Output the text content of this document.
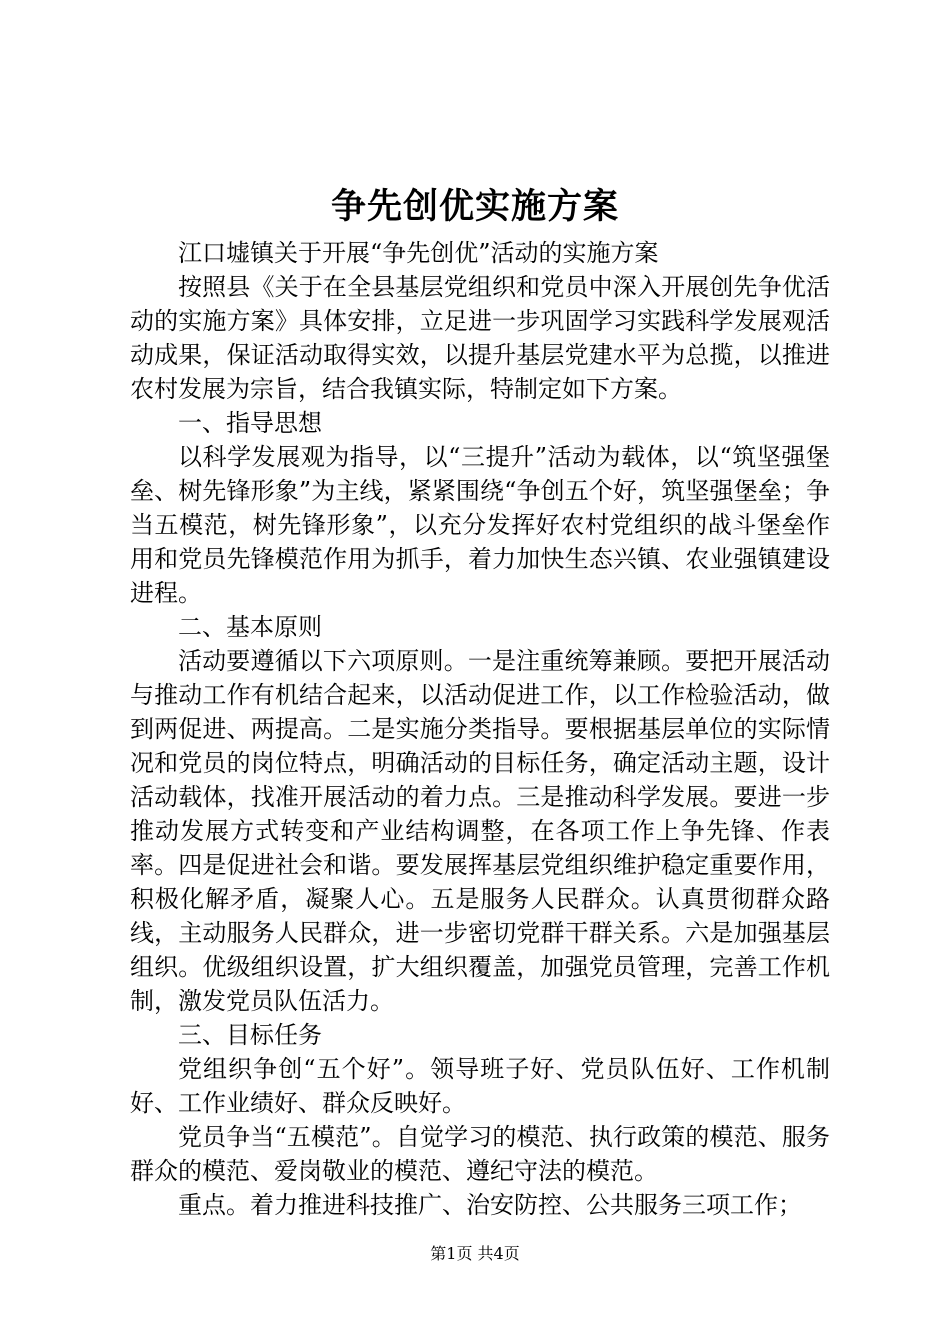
争先创优实施方案

江口墟镇关于开展“争先创优”活动的实施方案

按照县《关于在全县基层党组织和党员中深入开展创先争优活动的实施方案》具体安排，立足进一步巩固学习实践科学发展观活动成果，保证活动取得实效，以提升基层党建水平为总揽，以推进农村发展为宗旨，结合我镇实际，特制定如下方案。

一、指导思想

以科学发展观为指导，以“三提升”活动为载体，以“筑坚强堡垒、树先锋形象”为主线，紧紧围绕“争创五个好，筑坚强堡垒；争当五模范，树先锋形象”，以充分发挥好农村党组织的战斗堡垒作用和党员先锋模范作用为抓手，着力加快生态兴镇、农业强镇建设进程。

二、基本原则

活动要遵循以下六项原则。一是注重统筹兼顾。要把开展活动与推动工作有机结合起来，以活动促进工作，以工作检验活动，做到两促进、两提高。二是实施分类指导。要根据基层单位的实际情况和党员的岗位特点，明确活动的目标任务，确定活动主题，设计活动载体，找准开展活动的着力点。三是推动科学发展。要进一步推动发展方式转变和产业结构调整，在各项工作上争先锋、作表率。四是促进社会和谐。要发展挥基层党组织维护稳定重要作用，积极化解矛盾，凝聚人心。五是服务人民群众。认真贯彻群众路线，主动服务人民群众，进一步密切党群干群关系。六是加强基层组织。优级组织设置，扩大组织覆盖，加强党员管理，完善工作机制，激发党员队伍活力。

三、目标任务

党组织争创“五个好”。领导班子好、党员队伍好、工作机制好、工作业绩好、群众反映好。

党员争当“五模范”。自觉学习的模范、执行政策的模范、服务群众的模范、爱岗敬业的模范、遵纪守法的模范。

重点。着力推进科技推广、治安防控、公共服务三项工作；

第1页 共4页
